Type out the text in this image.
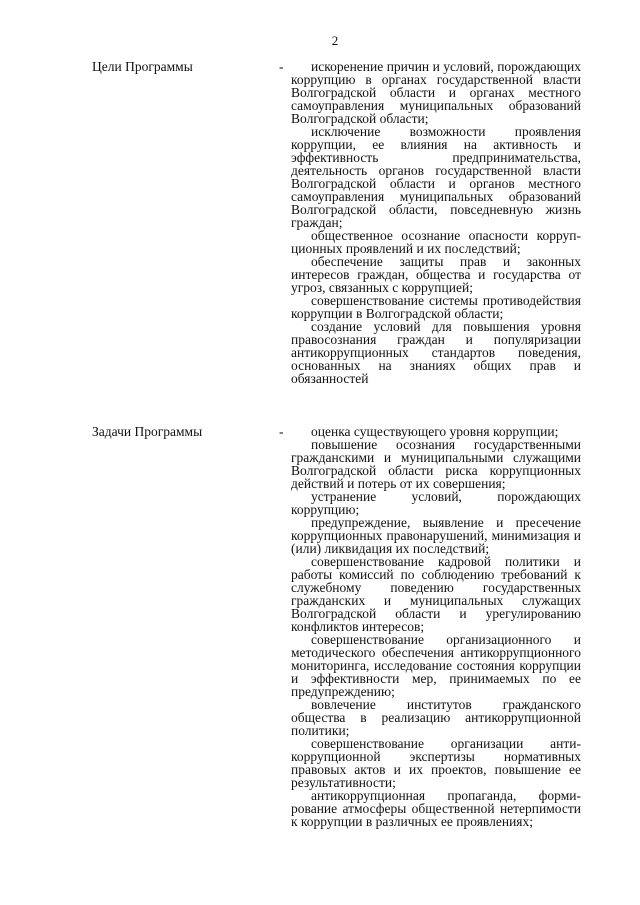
2
Цели Программы	-	искоренение причин и условий, порождающих коррупцию в органах государственной власти Волгоградской области и органах местного самоуправления муниципальных образований Волгоградской области;
исключение возможности проявления коррупции, ее влияния на активность и эффективность предпринимательства, деятельность органов государственной власти Волгоградской области и органов местного самоуправления муниципальных образований Волгоградской области, повседневную жизнь граждан;
общественное осознание опасности коррупционных проявлений и их последствий;
обеспечение защиты прав и законных интересов граждан, общества и государства от угроз, связанных с коррупцией;
совершенствование системы противодействия коррупции в Волгоградской области;
создание условий для повышения уровня правосознания граждан и популяризации антикоррупционных стандартов поведения, основанных на знаниях общих прав и обязанностей
Задачи Программы	-	оценка существующего уровня коррупции;
повышение осознания государственными гражданскими и муниципальными служащими Волгоградской области риска коррупционных действий и потерь от их совершения;
устранение условий, порождающих коррупцию;
предупреждение, выявление и пресечение коррупционных правонарушений, минимизация и (или) ликвидация их последствий;
совершенствование кадровой политики и работы комиссий по соблюдению требований к служебному поведению государственных гражданских и муниципальных служащих Волгоградской области и урегулированию конфликтов интересов;
совершенствование организационного и методического обеспечения антикоррупционного мониторинга, исследование состояния коррупции и эффективности мер, принимаемых по ее предупреждению;
вовлечение институтов гражданского общества в реализацию антикоррупционной политики;
совершенствование организации антикоррупционной экспертизы нормативных правовых актов и их проектов, повышение ее результативности;
антикоррупционная пропаганда, формирование атмосферы общественной нетерпимости к коррупции в различных ее проявлениях;
